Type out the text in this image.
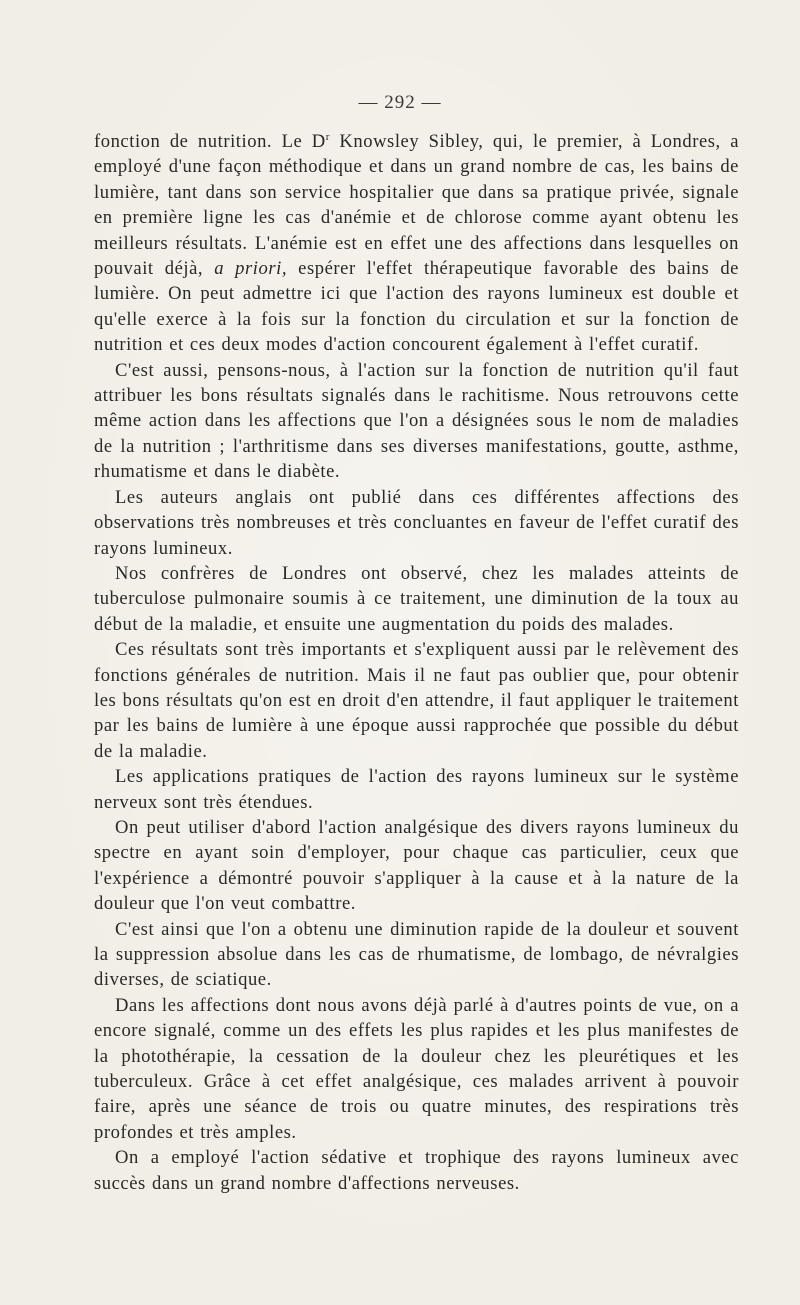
— 292 —

fonction de nutrition. Le $D^r$ Knowsley Sibley, qui, le premier, à Londres, a employé d'une façon méthodique et dans un grand nombre de cas, les bains de lumière, tant dans son service hospitalier que dans sa pratique privée, signale en première ligne les cas d'anémie et de chlorose comme ayant obtenu les meilleurs résultats. L'anémie est en effet une des affections dans lesquelles on pouvait déjà, a priori, espérer l'effet thérapeutique favorable des bains de lumière. On peut admettre ici que l'action des rayons lumineux est double et qu'elle exerce à la fois sur la fonction du circulation et sur la fonction de nutrition et ces deux modes d'action concourent également à l'effet curatif.

C'est aussi, pensons-nous, à l'action sur la fonction de nutrition qu'il faut attribuer les bons résultats signalés dans le rachitisme. Nous retrouvons cette même action dans les affections que l'on a désignées sous le nom de maladies de la nutrition ; l'arthritisme dans ses diverses manifestations, goutte, asthme, rhumatisme et dans le diabète.

Les auteurs anglais ont publié dans ces différentes affections des observations très nombreuses et très concluantes en faveur de l'effet curatif des rayons lumineux.

Nos confrères de Londres ont observé, chez les malades atteints de tuberculose pulmonaire soumis à ce traitement, une diminution de la toux au début de la maladie, et ensuite une augmentation du poids des malades.

Ces résultats sont très importants et s'expliquent aussi par le relèvement des fonctions générales de nutrition. Mais il ne faut pas oublier que, pour obtenir les bons résultats qu'on est en droit d'en attendre, il faut appliquer le traitement par les bains de lumière à une époque aussi rapprochée que possible du début de la maladie.

Les applications pratiques de l'action des rayons lumineux sur le système nerveux sont très étendues.

On peut utiliser d'abord l'action analgésique des divers rayons lumineux du spectre en ayant soin d'employer, pour chaque cas particulier, ceux que l'expérience a démontré pouvoir s'appliquer à la cause et à la nature de la douleur que l'on veut combattre.

C'est ainsi que l'on a obtenu une diminution rapide de la douleur et souvent la suppression absolue dans les cas de rhumatisme, de lombago, de névralgies diverses, de sciatique.

Dans les affections dont nous avons déjà parlé à d'autres points de vue, on a encore signalé, comme un des effets les plus rapides et les plus manifestes de la photothérapie, la cessation de la douleur chez les pleurétiques et les tuberculeux. Grâce à cet effet analgésique, ces malades arrivent à pouvoir faire, après une séance de trois ou quatre minutes, des respirations très profondes et très amples.

On a employé l'action sédative et trophique des rayons lumineux avec succès dans un grand nombre d'affections nerveuses.
